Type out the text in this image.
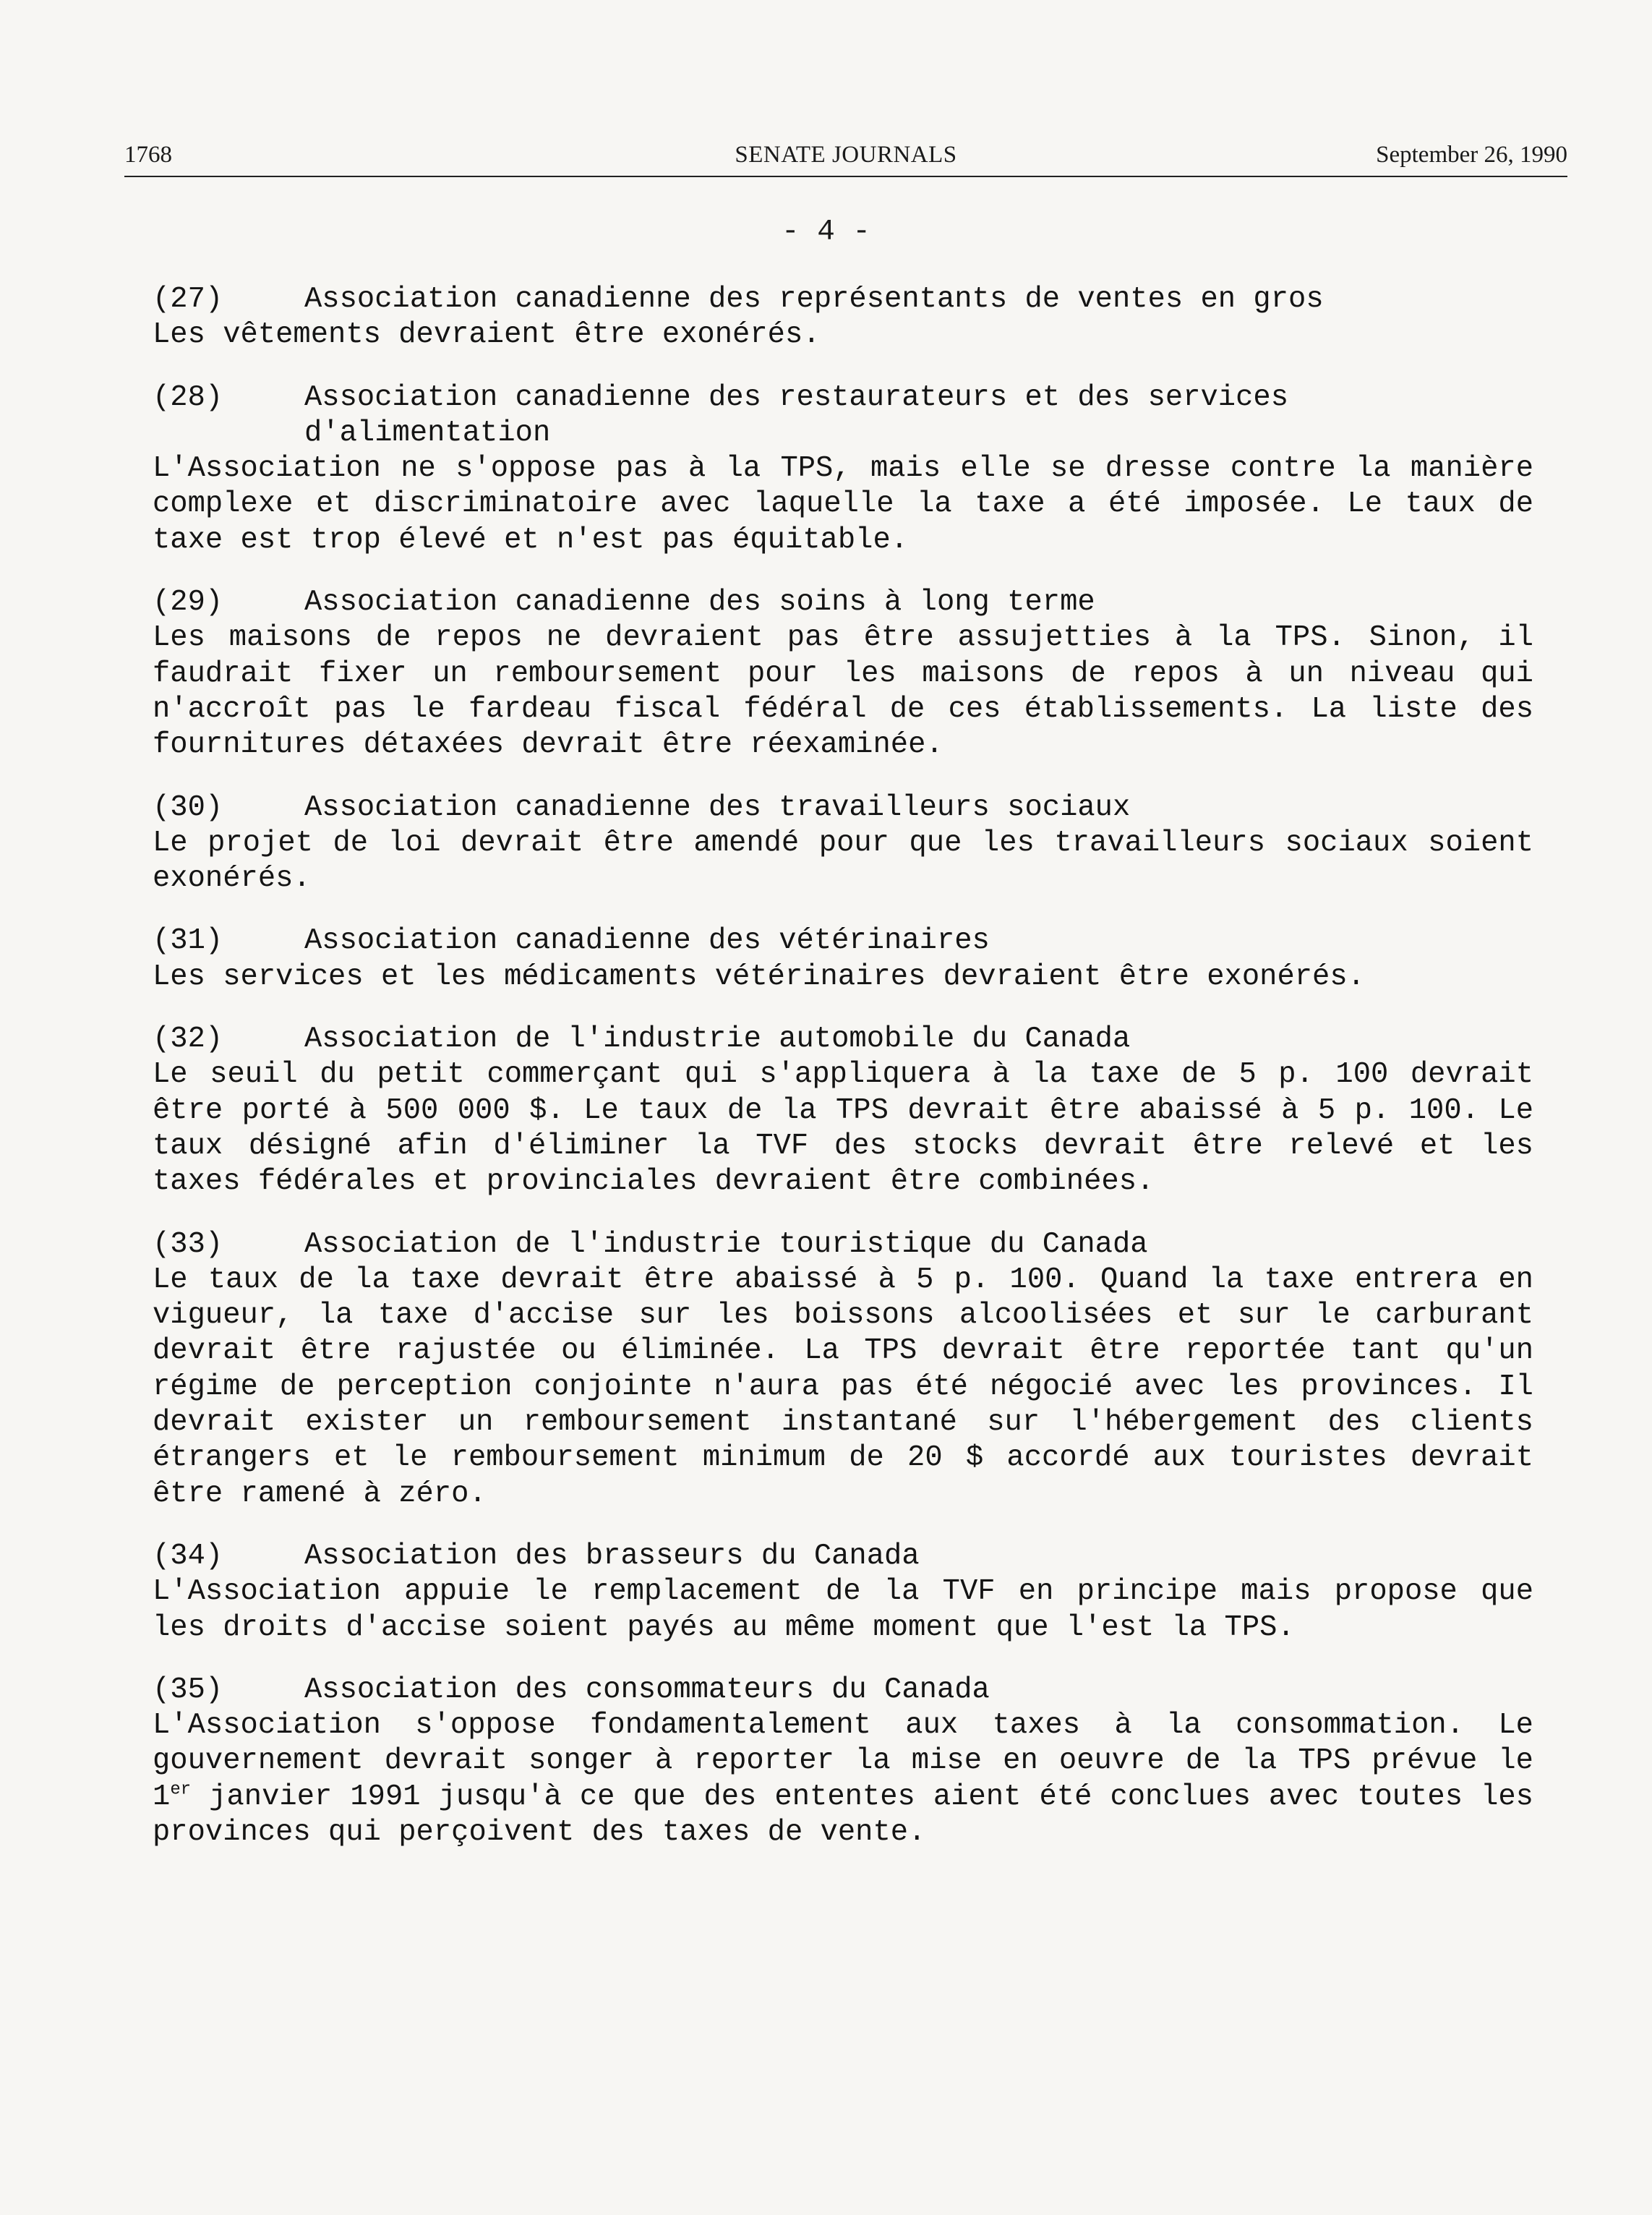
1768	SENATE JOURNALS	September 26, 1990
- 4 -
(27)	Association canadienne des représentants de ventes en gros
Les vêtements devraient être exonérés.
(28)	Association canadienne des restaurateurs et des services d'alimentation
L'Association ne s'oppose pas à la TPS, mais elle se dresse contre la manière complexe et discriminatoire avec laquelle la taxe a été imposée. Le taux de taxe est trop élevé et n'est pas équitable.
(29)	Association canadienne des soins à long terme
Les maisons de repos ne devraient pas être assujetties à la TPS. Sinon, il faudrait fixer un remboursement pour les maisons de repos à un niveau qui n'accroît pas le fardeau fiscal fédéral de ces établissements. La liste des fournitures détaxées devrait être réexaminée.
(30)	Association canadienne des travailleurs sociaux
Le projet de loi devrait être amendé pour que les travailleurs sociaux soient exonérés.
(31)	Association canadienne des vétérinaires
Les services et les médicaments vétérinaires devraient être exonérés.
(32)	Association de l'industrie automobile du Canada
Le seuil du petit commerçant qui s'appliquera à la taxe de 5 p. 100 devrait être porté à 500 000 $. Le taux de la TPS devrait être abaissé à 5 p. 100. Le taux désigné afin d'éliminer la TVF des stocks devrait être relevé et les taxes fédérales et provinciales devraient être combinées.
(33)	Association de l'industrie touristique du Canada
Le taux de la taxe devrait être abaissé à 5 p. 100. Quand la taxe entrera en vigueur, la taxe d'accise sur les boissons alcoolisées et sur le carburant devrait être rajustée ou éliminée. La TPS devrait être reportée tant qu'un régime de perception conjointe n'aura pas été négocié avec les provinces. Il devrait exister un remboursement instantané sur l'hébergement des clients étrangers et le remboursement minimum de 20 $ accordé aux touristes devrait être ramené à zéro.
(34)	Association des brasseurs du Canada
L'Association appuie le remplacement de la TVF en principe mais propose que les droits d'accise soient payés au même moment que l'est la TPS.
(35)	Association des consommateurs du Canada
L'Association s'oppose fondamentalement aux taxes à la consommation. Le gouvernement devrait songer à reporter la mise en oeuvre de la TPS prévue le 1er janvier 1991 jusqu'à ce que des ententes aient été conclues avec toutes les provinces qui perçoivent des taxes de vente.
